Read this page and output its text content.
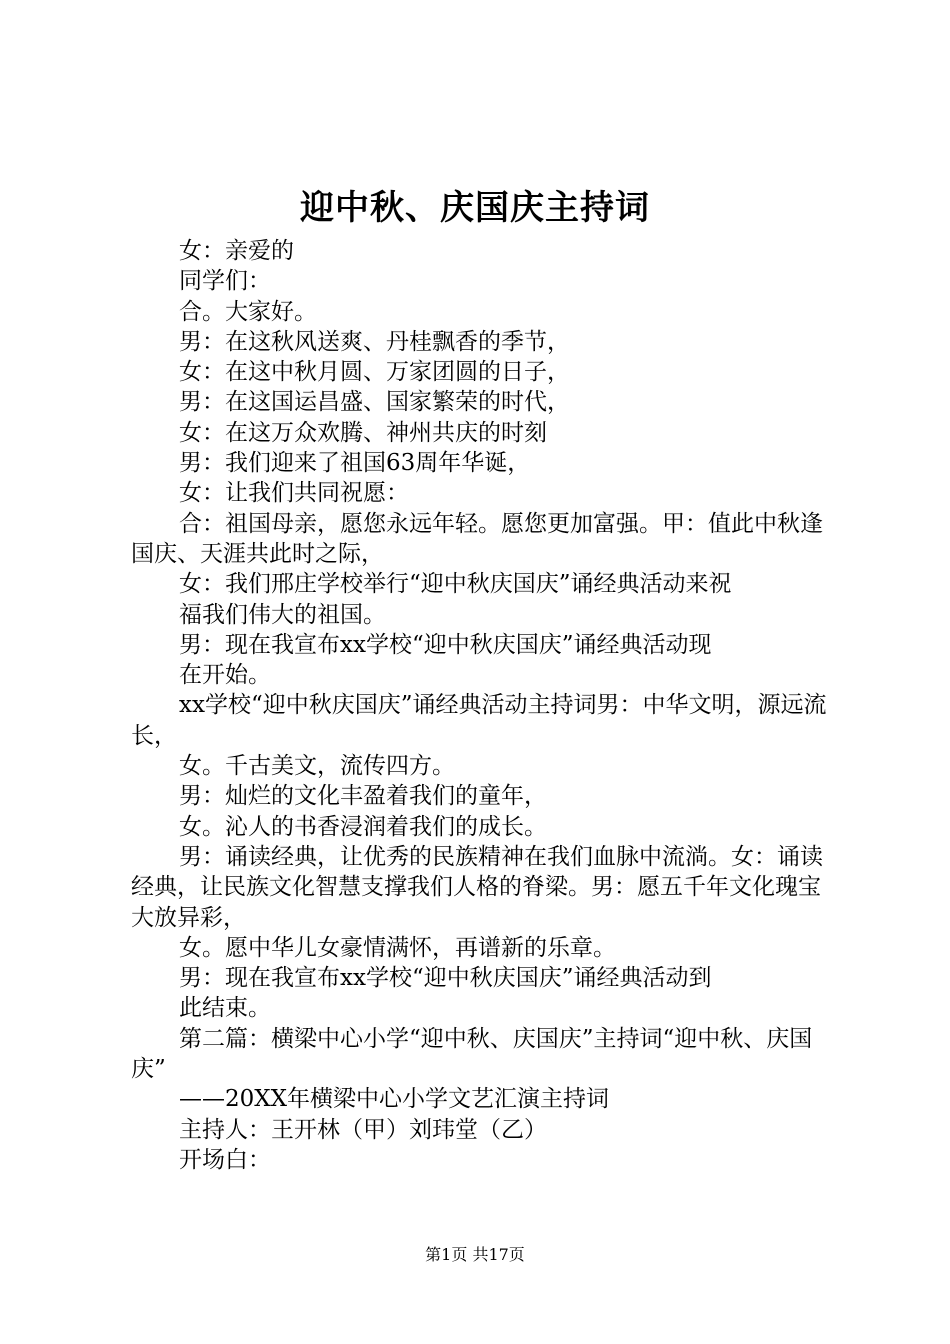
迎中秋、庆国庆主持词

女：亲爱的

同学们：

合。大家好。

男：在这秋风送爽、丹桂飘香的季节，

女：在这中秋月圆、万家团圆的日子，

男：在这国运昌盛、国家繁荣的时代，

女：在这万众欢腾、神州共庆的时刻

男：我们迎来了祖国63周年华诞，

女：让我们共同祝愿：

合：祖国母亲，愿您永远年轻。愿您更加富强。甲：值此中秋逢国庆、天涯共此时之际，

女：我们邢庄学校举行“迎中秋庆国庆”诵经典活动来祝

福我们伟大的祖国。

男：现在我宣布xx学校“迎中秋庆国庆”诵经典活动现

在开始。

xx学校“迎中秋庆国庆”诵经典活动主持词男：中华文明，源远流长，

女。千古美文，流传四方。

男：灿烂的文化丰盈着我们的童年，

女。沁人的书香浸润着我们的成长。

男：诵读经典，让优秀的民族精神在我们血脉中流淌。女：诵读经典，让民族文化智慧支撑我们人格的脊梁。男：愿五千年文化瑰宝大放异彩，

女。愿中华儿女豪情满怀，再谱新的乐章。

男：现在我宣布xx学校“迎中秋庆国庆”诵经典活动到

此结束。

第二篇：横梁中心小学“迎中秋、庆国庆”主持词“迎中秋、庆国庆”

——20XX年横梁中心小学文艺汇演主持词

主持人：王开林（甲）刘玮堂（乙）

开场白：

第1页 共17页
